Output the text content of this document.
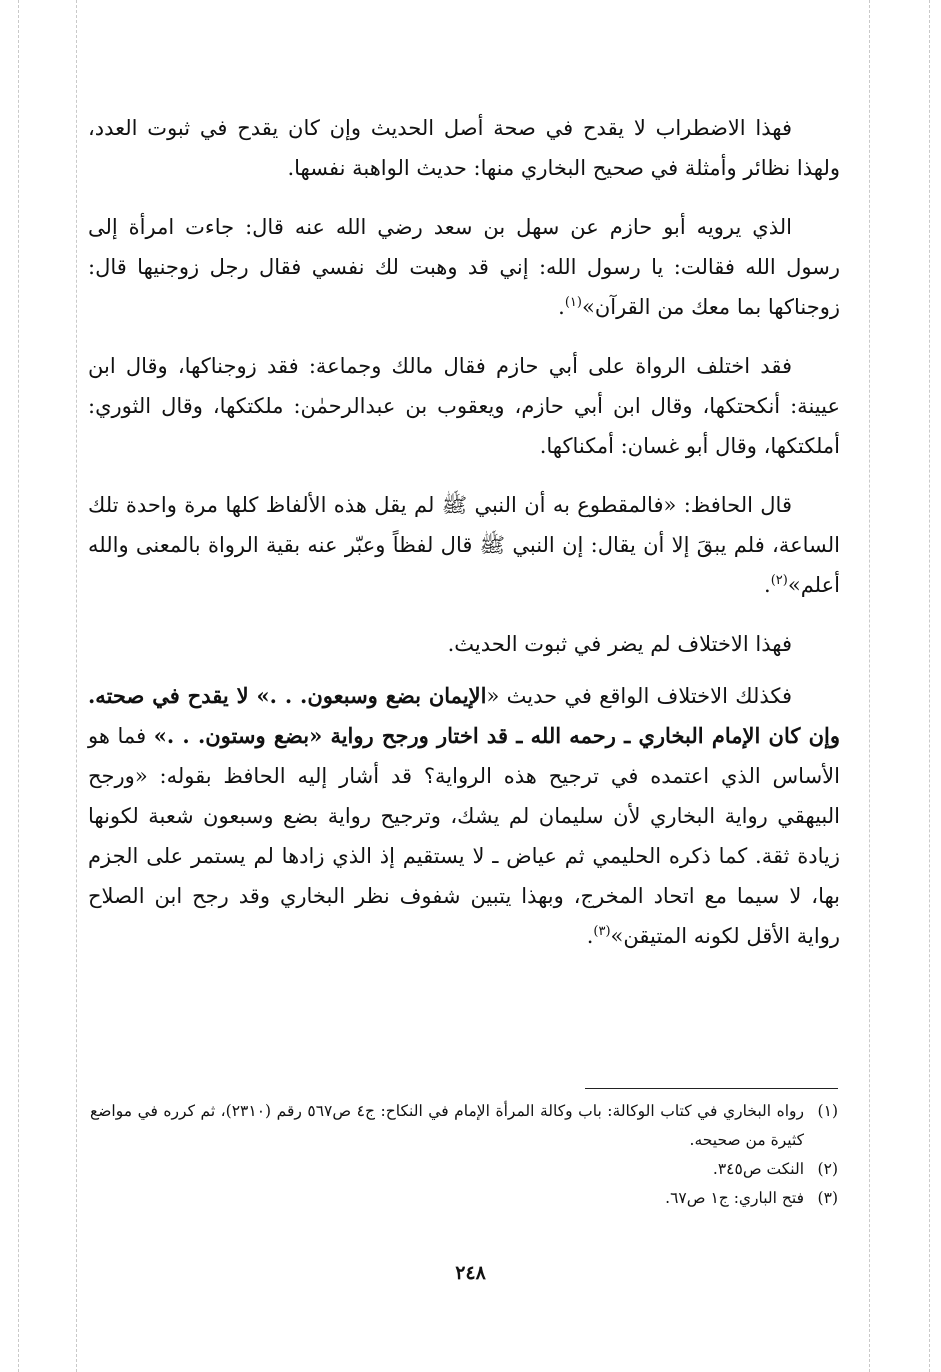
فهذا الاضطراب لا يقدح في صحة أصل الحديث وإن كان يقدح في ثبوت العدد، ولهذا نظائر وأمثلة في صحيح البخاري منها: حديث الواهبة نفسها.

الذي يرويه أبو حازم عن سهل بن سعد رضي الله عنه قال: جاءت امرأة إلى رسول الله فقالت: يا رسول الله: إني قد وهبت لك نفسي فقال رجل زوجنيها قال: زوجناكها بما معك من القرآن»$^{(١)}$.

فقد اختلف الرواة على أبي حازم فقال مالك وجماعة: فقد زوجناكها، وقال ابن عيينة: أنكحتكها، وقال ابن أبي حازم، ويعقوب بن عبدالرحمٰن: ملكتكها، وقال الثوري: أملكتكها، وقال أبو غسان: أمكناكها.

قال الحافظ: «فالمقطوع به أن النبي ﷺ لم يقل هذه الألفاظ كلها مرة واحدة تلك الساعة، فلم يبقَ إلا أن يقال: إن النبي ﷺ قال لفظاً وعبّر عنه بقية الرواة بالمعنى والله أعلم»$^{(٢)}$.

فهذا الاختلاف لم يضر في ثبوت الحديث.

فكذلك الاختلاف الواقع في حديث «الإيمان بضع وسبعون. . .» لا يقدح في صحته. وإن كان الإمام البخاري ـ رحمه الله ـ قد اختار ورجح رواية «بضع وستون. . .» فما هو الأساس الذي اعتمده في ترجيح هذه الرواية؟ قد أشار إليه الحافظ بقوله: «ورجح البيهقي رواية البخاري لأن سليمان لم يشك، وترجيح رواية بضع وسبعون شعبة لكونها زيادة ثقة. كما ذكره الحليمي ثم عياض ـ لا يستقيم إذ الذي زادها لم يستمر على الجزم بها، لا سيما مع اتحاد المخرج، وبهذا يتبين شفوف نظر البخاري وقد رجح ابن الصلاح رواية الأقل لكونه المتيقن»$^{(٣)}$.

(١)
رواه البخاري في كتاب الوكالة: باب وكالة المرأة الإمام في النكاح: ج٤ ص٥٦٧ رقم (٢٣١٠)، ثم كرره في مواضع كثيرة من صحيحه.
(٢)
النكت ص٣٤٥.
(٣)
فتح الباري: ج١ ص٦٧.
٢٤٨
